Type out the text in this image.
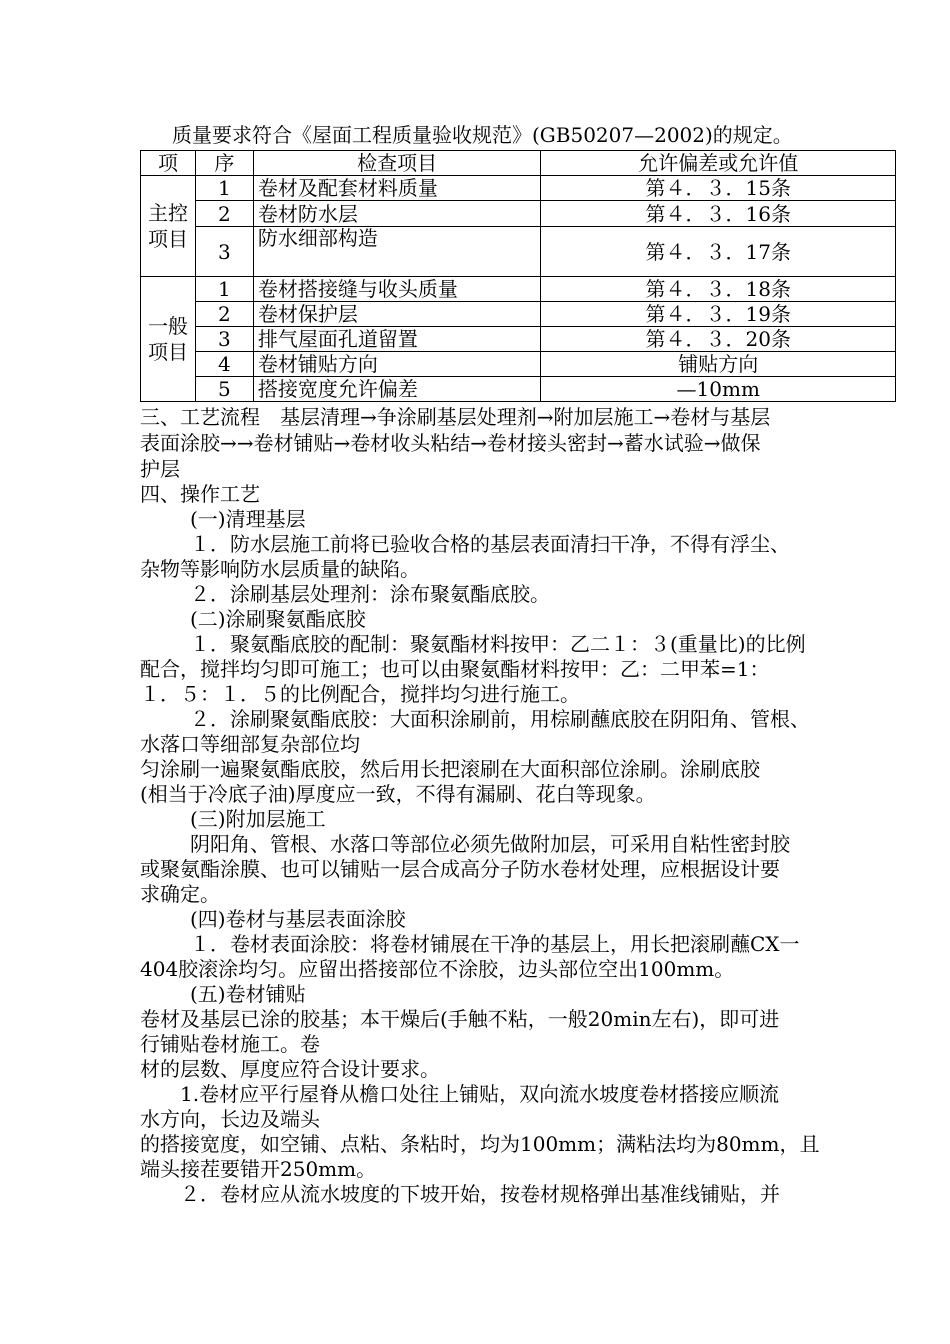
质量要求符合《屋面工程质量验收规范》(GB50207—2002)的规定。
项	序	检查项目	允许偏差或允许值
主控项目	1	卷材及配套材料质量	第４．３．15条
	2	卷材防水层	第４．３．16条
	3	防水细部构造	第４．３．17条
一般项目	1	卷材搭接缝与收头质量	第４．３．18条
	2	卷材保护层	第４．３．19条
	3	排气屋面孔道留置	第４．３．20条
	4	卷材铺贴方向	铺贴方向
	5	搭接宽度允许偏差	—10mm
三、工艺流程　基层清理→争涂刷基层处理剂→附加层施工→卷材与基层
表面涂胶→→卷材铺贴→卷材收头粘结→卷材接头密封→蓄水试验→做保
护层
四、操作工艺
(一)清理基层
１．防水层施工前将已验收合格的基层表面清扫干净，不得有浮尘、
杂物等影响防水层质量的缺陷。
２．涂刷基层处理剂：涂布聚氨酯底胶。
(二)涂刷聚氨酯底胶
１．聚氨酯底胶的配制：聚氨酯材料按甲：乙二１：３(重量比)的比例
配合，搅拌均匀即可施工；也可以由聚氨酯材料按甲：乙：二甲苯=1：
１．５：１．５的比例配合，搅拌均匀进行施工。
２．涂刷聚氨酯底胶：大面积涂刷前，用棕刷蘸底胶在阴阳角、管根、
水落口等细部复杂部位均
匀涂刷一遍聚氨酯底胶，然后用长把滚刷在大面积部位涂刷。涂刷底胶
(相当于冷底子油)厚度应一致，不得有漏刷、花白等现象。
(三)附加层施工
阴阳角、管根、水落口等部位必须先做附加层，可采用自粘性密封胶
或聚氨酯涂膜、也可以铺贴一层合成高分子防水卷材处理，应根据设计要
求确定。
(四)卷材与基层表面涂胶
１．卷材表面涂胶：将卷材铺展在干净的基层上，用长把滚刷蘸CX一
404胶滚涂均匀。应留出搭接部位不涂胶，边头部位空出100mm。
(五)卷材铺贴
卷材及基层已涂的胶基；本干燥后(手触不粘，一般20min左右)，即可进
行铺贴卷材施工。卷
材的层数、厚度应符合设计要求。
1.卷材应平行屋脊从檐口处往上铺贴，双向流水坡度卷材搭接应顺流
水方向，长边及端头
的搭接宽度，如空铺、点粘、条粘时，均为100mm；满粘法均为80mm，且
端头接茬要错开250mm。
２．卷材应从流水坡度的下坡开始，按卷材规格弹出基准线铺贴，并
